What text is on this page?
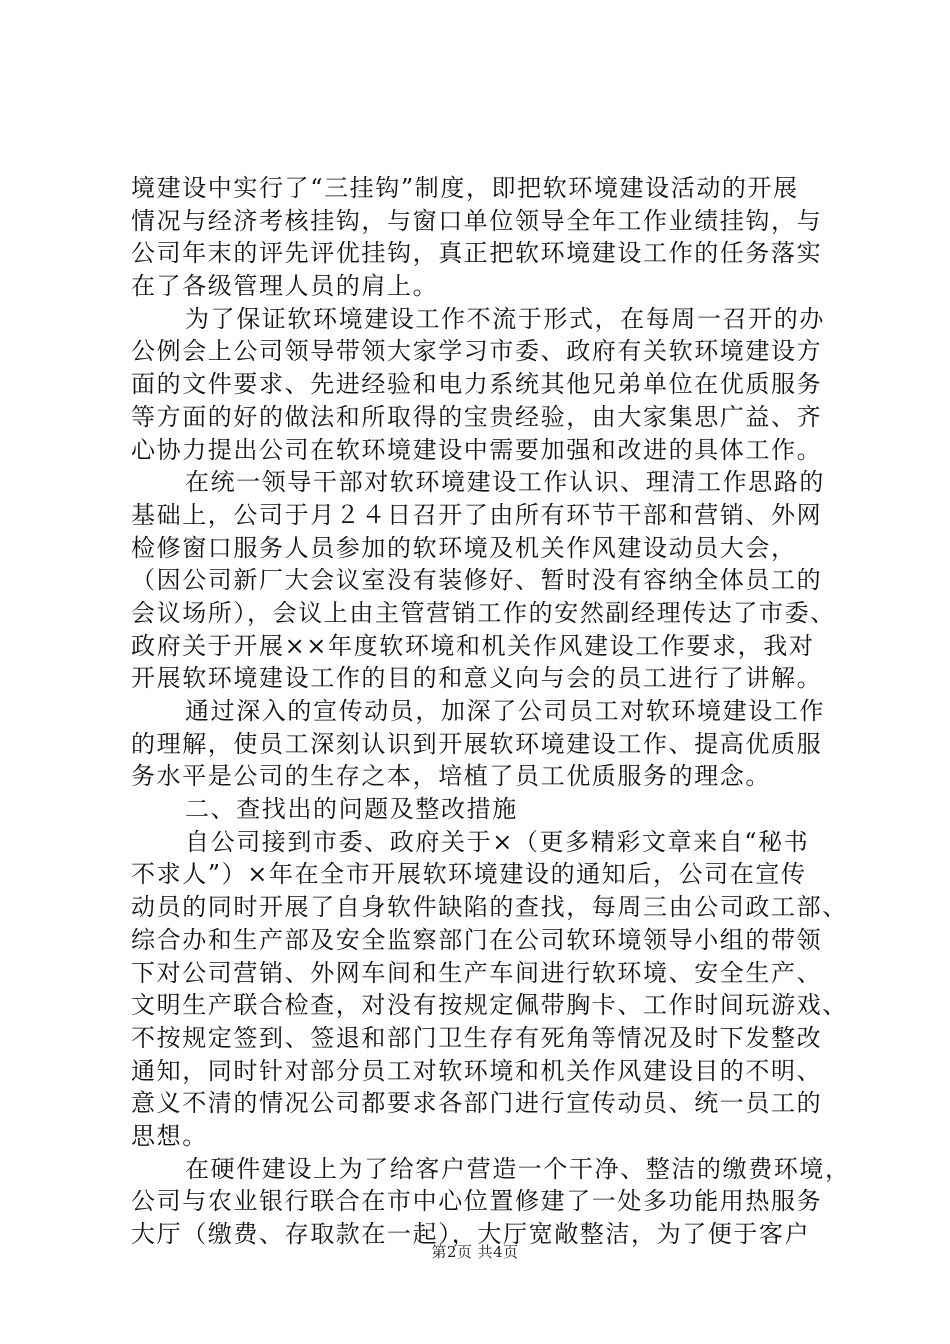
境建设中实行了“三挂钩”制度，即把软环境建设活动的开展
情况与经济考核挂钩，与窗口单位领导全年工作业绩挂钩，与
公司年末的评先评优挂钩，真正把软环境建设工作的任务落实
在了各级管理人员的肩上。
为了保证软环境建设工作不流于形式，在每周一召开的办
公例会上公司领导带领大家学习市委、政府有关软环境建设方
面的文件要求、先进经验和电力系统其他兄弟单位在优质服务
等方面的好的做法和所取得的宝贵经验，由大家集思广益、齐
心协力提出公司在软环境建设中需要加强和改进的具体工作。
在统一领导干部对软环境建设工作认识、理清工作思路的
基础上，公司于月２４日召开了由所有环节干部和营销、外网
检修窗口服务人员参加的软环境及机关作风建设动员大会，
（因公司新厂大会议室没有装修好、暂时没有容纳全体员工的
会议场所），会议上由主管营销工作的安然副经理传达了市委、
政府关于开展××年度软环境和机关作风建设工作要求，我对
开展软环境建设工作的目的和意义向与会的员工进行了讲解。
通过深入的宣传动员，加深了公司员工对软环境建设工作
的理解，使员工深刻认识到开展软环境建设工作、提高优质服
务水平是公司的生存之本，培植了员工优质服务的理念。
二、查找出的问题及整改措施
自公司接到市委、政府关于×（更多精彩文章来自“秘书
不求人”）×年在全市开展软环境建设的通知后，公司在宣传
动员的同时开展了自身软件缺陷的查找，每周三由公司政工部、
综合办和生产部及安全监察部门在公司软环境领导小组的带领
下对公司营销、外网车间和生产车间进行软环境、安全生产、
文明生产联合检查，对没有按规定佩带胸卡、工作时间玩游戏、
不按规定签到、签退和部门卫生存有死角等情况及时下发整改
通知，同时针对部分员工对软环境和机关作风建设目的不明、
意义不清的情况公司都要求各部门进行宣传动员、统一员工的
思想。
在硬件建设上为了给客户营造一个干净、整洁的缴费环境，
公司与农业银行联合在市中心位置修建了一处多功能用热服务
大厅（缴费、存取款在一起），大厅宽敞整洁，为了便于客户
第2页 共4页
